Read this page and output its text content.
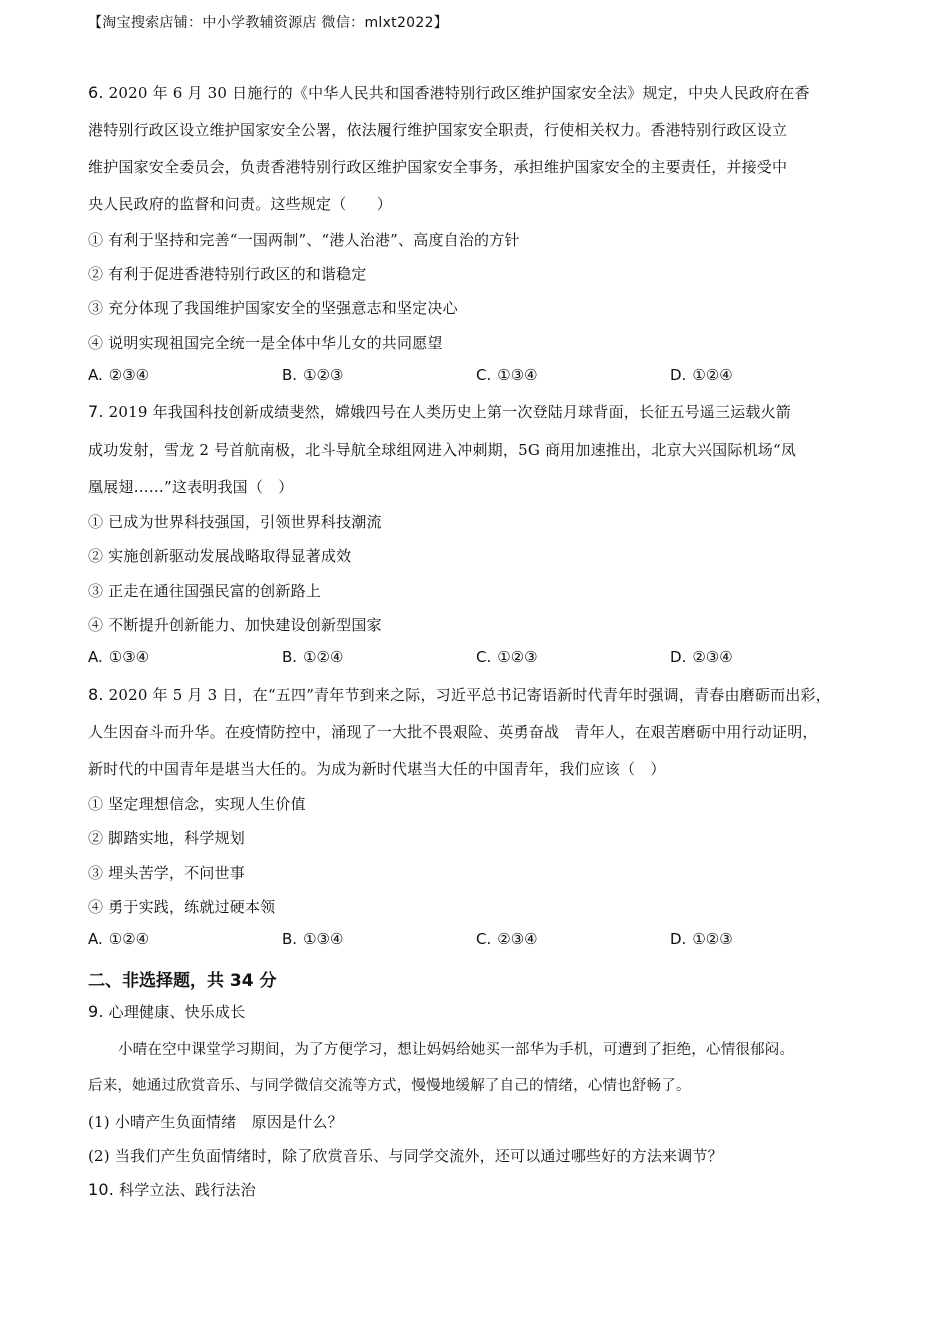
【淘宝搜索店铺：中小学教辅资源店 微信：mlxt2022】
6. 2020 年 6 月 30 日施行的《中华人民共和国香港特别行政区维护国家安全法》规定，中央人民政府在香
港特别行政区设立维护国家安全公署，依法履行维护国家安全职责，行使相关权力。香港特别行政区设立
维护国家安全委员会，负责香港特别行政区维护国家安全事务，承担维护国家安全的主要责任，并接受中
央人民政府的监督和问责。这些规定（　　）
① 有利于坚持和完善“一国两制”、“港人治港”、高度自治的方针
② 有利于促进香港特别行政区的和谐稳定
③ 充分体现了我国维护国家安全的坚强意志和坚定决心
④ 说明实现祖国完全统一是全体中华儿女的共同愿望
A. ②③④	B. ①②③	C. ①③④	D. ①②④
7. 2019 年我国科技创新成绩斐然，嫦娥四号在人类历史上第一次登陆月球背面，长征五号遥三运载火箭
成功发射，雪龙 2 号首航南极，北斗导航全球组网进入冲刺期，5G 商用加速推出，北京大兴国际机场“凤
凰展翅……”这表明我国（　）
① 已成为世界科技强国，引领世界科技潮流
② 实施创新驱动发展战略取得显著成效
③ 正走在通往国强民富的创新路上
④ 不断提升创新能力、加快建设创新型国家
A. ①③④	B. ①②④	C. ①②③	D. ②③④
8. 2020 年 5 月 3 日，在“五四”青年节到来之际，习近平总书记寄语新时代青年时强调，青春由磨砺而出彩，
人生因奋斗而升华。在疫情防控中，涌现了一大批不畏艰险、英勇奋战　青年人，在艰苦磨砺中用行动证明，
新时代的中国青年是堪当大任的。为成为新时代堪当大任的中国青年，我们应该（　）
① 坚定理想信念，实现人生价值
② 脚踏实地，科学规划
③ 埋头苦学，不问世事
④ 勇于实践，练就过硬本领
A. ①②④	B. ①③④	C. ②③④	D. ①②③
二、非选择题，共 34 分
9. 心理健康、快乐成长
小晴在空中课堂学习期间，为了方便学习，想让妈妈给她买一部华为手机，可遭到了拒绝，心情很郁闷。
后来，她通过欣赏音乐、与同学微信交流等方式，慢慢地缓解了自己的情绪，心情也舒畅了。
(1) 小晴产生负面情绪　原因是什么？
(2) 当我们产生负面情绪时，除了欣赏音乐、与同学交流外，还可以通过哪些好的方法来调节？
10. 科学立法、践行法治
